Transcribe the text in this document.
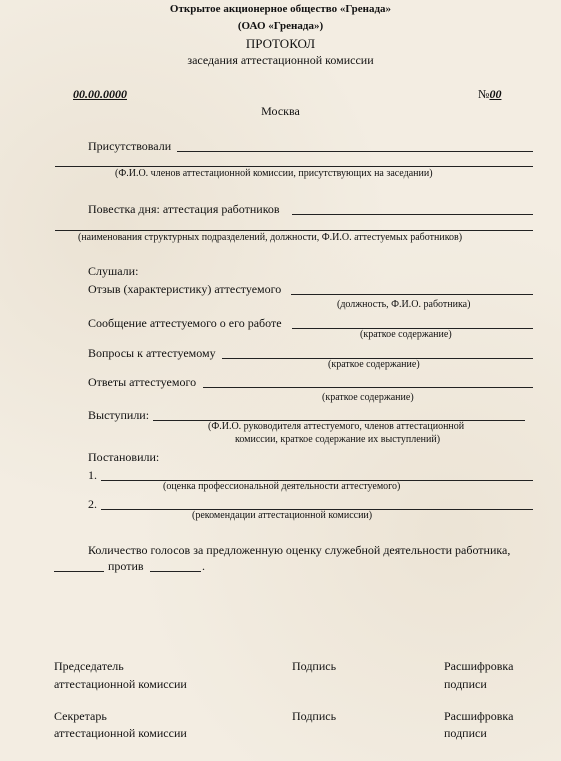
Открытое акционерное общество «Гренада»
(ОАО «Гренада»)
ПРОТОКОЛ
заседания аттестационной комиссии
00.00.0000	№00
Москва
Присутствовали
(Ф.И.О. членов аттестационной комиссии, присутствующих на заседании)
Повестка дня: аттестация работников
(наименования структурных подразделений, должности, Ф.И.О. аттестуемых работников)
Слушали:
Отзыв (характеристику) аттестуемого
(должность, Ф.И.О. работника)
Сообщение аттестуемого о его работе
(краткое содержание)
Вопросы к аттестуемому
(краткое содержание)
Ответы аттестуемого
(краткое содержание)
Выступили:
(Ф.И.О. руководителя аттестуемого, членов аттестационной
комиссии, краткое содержание их выступлений)
Постановили:
1.
(оценка профессиональной деятельности аттестуемого)
2.
(рекомендации аттестационной комиссии)
Количество голосов за предложенную оценку служебной деятельности работника,
против	.
Председатель
аттестационной комиссии
Подпись	Расшифровка
подписи
Секретарь
аттестационной комиссии
Подпись	Расшифровка
подписи
